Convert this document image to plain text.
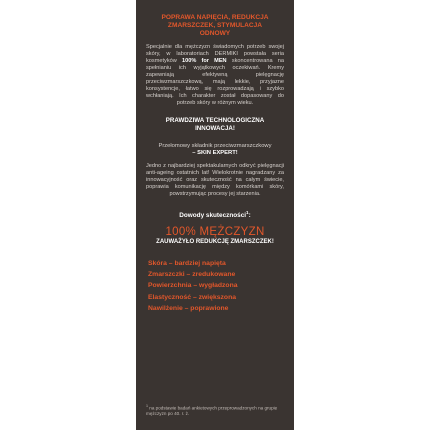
POPRAWA NAPIĘCIA, REDUKCJA ZMARSZCZEK, STYMULACJA ODNOWY
Specjalnie dla mężczyzn świadomych potrzeb swojej skóry, w laboratoriach DERMIKI powstała seria kosmetyków 100% for MEN skoncentrowana na spełnianiu ich wyjątkowych oczekiwań. Kremy zapewniają efektywną pielęgnację przeciwzmarszczkową, mają lekkie, przyjazne konsystencje, łatwo się rozprowadzają i szybko wchłaniają. Ich charakter został dopasowany do potrzeb skóry w różnym wieku.
PRAWDZIWA TECHNOLOGICZNA
INNOWACJA!
Przełomowy składnik przeciwzmarszczkowy
– SKIN EXPERT!
Jedno z najbardziej spektakularnych odkryć pielęgnacji anti-ageing ostatnich lat! Wielokrotnie nagradzany za innowacyjność oraz skuteczność na całym świecie, poprawia komunikację między komórkami skóry, powstrzymując procesy jej starzenia.
Dowody skuteczności$^1$:
100% MĘŻCZYZN
ZAUWAŻYŁO REDUKCJĘ ZMARSZCZEK!
Skóra – bardziej napięta
Zmarszczki – zredukowane
Powierzchnia – wygładzona
Elastyczność – zwiększona
Nawilżenie – poprawione
$^1$ na podstawie badań ankietowych przeprowadzonych na grupie mężczyzn po 40. r. ż.
